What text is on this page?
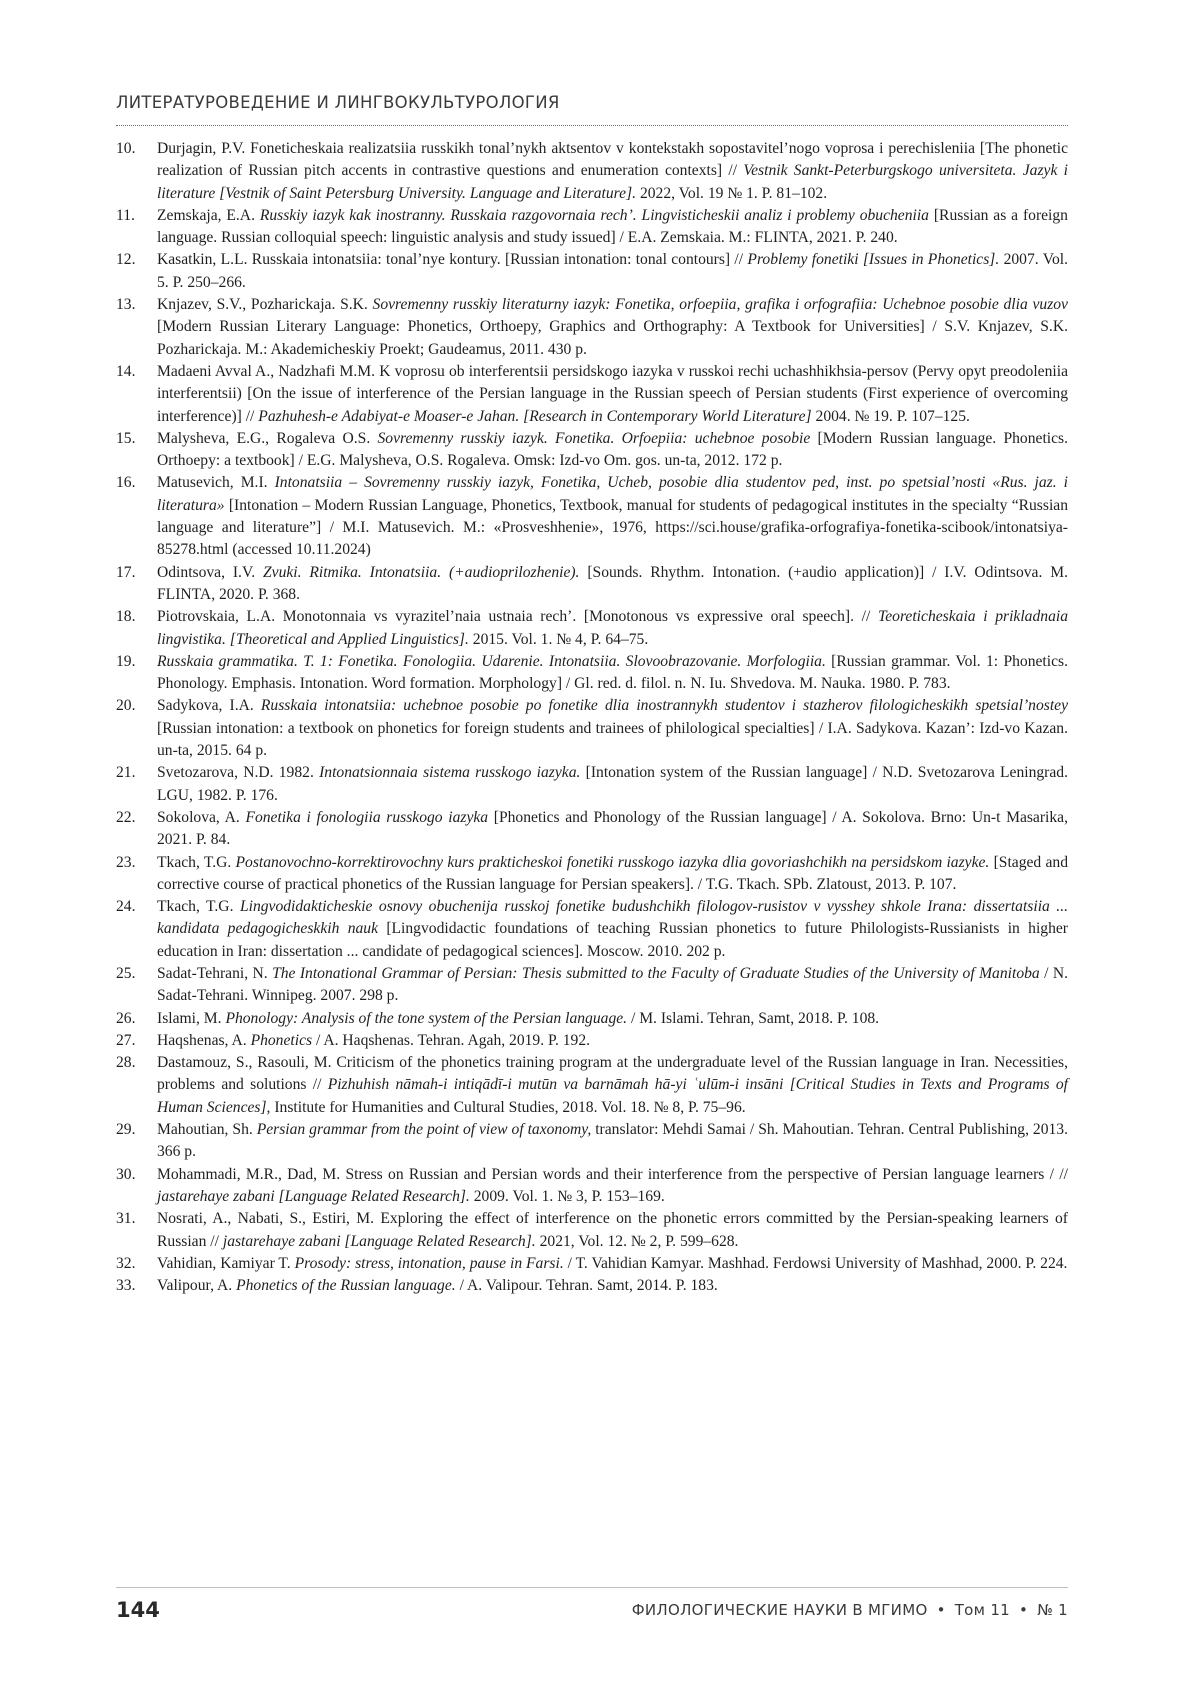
ЛИТЕРАТУРОВЕДЕНИЕ И ЛИНГВОКУЛЬТУРОЛОГИЯ
10.	Durjagin, P.V. Foneticheskaia realizatsiia russkikh tonal’nykh aktsentov v kontekstakh sopostavitel’nogo voprosa i perechisleniia [The phonetic realization of Russian pitch accents in contrastive questions and enumeration contexts] // Vestnik Sankt-Peterburgskogo universiteta. Jazyk i literature [Vestnik of Saint Petersburg University. Language and Literature]. 2022, Vol. 19 № 1. P. 81–102.
11.	Zemskaja, E.A. Russkiy iazyk kak inostranny. Russkaia razgovornaia rech’. Lingvisticheskii analiz i problemy obucheniia [Russian as a foreign language. Russian colloquial speech: linguistic analysis and study issued] / E.A. Zemskaia. M.: FLINTA, 2021. P. 240.
12.	Kasatkin, L.L. Russkaia intonatsiia: tonal’nye kontury. [Russian intonation: tonal contours] // Problemy fonetiki [Issues in Phonetics]. 2007. Vol. 5. P. 250–266.
13.	Knjazev, S.V., Pozharickaja. S.K. Sovremenny russkiy literaturny iazyk: Fonetika, orfoepiia, grafika i orfografiia: Uchebnoe posobie dlia vuzov [Modern Russian Literary Language: Phonetics, Orthoepy, Graphics and Orthography: A Textbook for Universities] / S.V. Knjazev, S.K. Pozharickaja. M.: Akademicheskiy Proekt; Gaudeamus, 2011. 430 p.
14.	Madaeni Avval A., Nadzhafi M.M. K voprosu ob interferentsii persidskogo iazyka v russkoi rechi uchashhikhsia-persov (Pervy opyt preodoleniia interferentsii) [On the issue of interference of the Persian language in the Russian speech of Persian students (First experience of overcoming interference)] // Pazhuhesh-e Adabiyat-e Moaser-e Jahan. [Research in Contemporary World Literature] 2004. № 19. P. 107–125.
15.	Malysheva, E.G., Rogaleva O.S. Sovremenny russkiy iazyk. Fonetika. Orfoepiia: uchebnoe posobie [Modern Russian language. Phonetics. Orthoepy: a textbook] / E.G. Malysheva, O.S. Rogaleva. Omsk: Izd-vo Om. gos. un-ta, 2012. 172 p.
16.	Matusevich, M.I. Intonatsiia – Sovremenny russkiy iazyk, Fonetika, Ucheb, posobie dlia studentov ped, inst. po spetsial’nosti «Rus. jaz. i literatura» [Intonation – Modern Russian Language, Phonetics, Textbook, manual for students of pedagogical institutes in the specialty “Russian language and literature”] / M.I. Matusevich. M.: «Prosveshhenie», 1976, https://sci.house/grafika-orfografiya-fonetika-scibook/intonatsiya-85278.html (accessed 10.11.2024)
17.	Odintsova, I.V. Zvuki. Ritmika. Intonatsiia. (+audioprilozhenie). [Sounds. Rhythm. Intonation. (+audio application)] / I.V. Odintsova. M. FLINTA, 2020. P. 368.
18.	Piotrovskaia, L.A. Monotonnaia vs vyrazitel’naia ustnaia rech’. [Monotonous vs expressive oral speech]. // Teoreticheskaia i prikladnaia lingvistika. [Theoretical and Applied Linguistics]. 2015. Vol. 1. № 4, P. 64–75.
19.	Russkaia grammatika. T. 1: Fonetika. Fonologiia. Udarenie. Intonatsiia. Slovoobrazovanie. Morfologiia. [Russian grammar. Vol. 1: Phonetics. Phonology. Emphasis. Intonation. Word formation. Morphology] / Gl. red. d. filol. n. N. Iu. Shvedova. M. Nauka. 1980. P. 783.
20.	Sadykova, I.A. Russkaia intonatsiia: uchebnoe posobie po fonetike dlia inostrannykh studentov i stazherov filologicheskikh spetsial’nostey [Russian intonation: a textbook on phonetics for foreign students and trainees of philological specialties] / I.A. Sadykova. Kazan’: Izd-vo Kazan. un-ta, 2015. 64 p.
21.	Svetozarova, N.D. 1982. Intonatsionnaia sistema russkogo iazyka. [Intonation system of the Russian language] / N.D. Svetozarova Leningrad. LGU, 1982. P. 176.
22.	Sokolova, A. Fonetika i fonologiia russkogo iazyka [Phonetics and Phonology of the Russian language] / A. Sokolova. Brno: Un-t Masarika, 2021. P. 84.
23.	Tkach, T.G. Postanovochno-korrektirovochny kurs prakticheskoi fonetiki russkogo iazyka dlia govoriashchikh na persidskom iazyke. [Staged and corrective course of practical phonetics of the Russian language for Persian speakers]. / T.G. Tkach. SPb. Zlatoust, 2013. P. 107.
24.	Tkach, T.G. Lingvodidakticheskie osnovy obuchenija russkoj fonetike budushchikh filologov-rusistov v vysshey shkole Irana: dissertatsiia ... kandidata pedagogicheskkih nauk [Lingvodidactic foundations of teaching Russian phonetics to future Philologists-Russianists in higher education in Iran: dissertation ... candidate of pedagogical sciences]. Moscow. 2010. 202 p.
25.	Sadat-Tehrani, N. The Intonational Grammar of Persian: Thesis submitted to the Faculty of Graduate Studies of the University of Manitoba / N. Sadat-Tehrani. Winnipeg. 2007. 298 p.
26.	Islami, M. Phonology: Analysis of the tone system of the Persian language. / M. Islami. Tehran, Samt, 2018. P. 108.
27.	Haqshenas, A. Phonetics / A. Haqshenas. Tehran. Agah, 2019. P. 192.
28.	Dastamouz, S., Rasouli, M. Criticism of the phonetics training program at the undergraduate level of the Russian language in Iran. Necessities, problems and solutions // Pizhuhish nāmah-i intiqādī-i mutūn va barnāmah hā-yi ʿulūm-i insāni [Critical Studies in Texts and Programs of Human Sciences], Institute for Humanities and Cultural Studies, 2018. Vol. 18. № 8, P. 75–96.
29.	Mahoutian, Sh. Persian grammar from the point of view of taxonomy, translator: Mehdi Samai / Sh. Mahoutian. Tehran. Central Publishing, 2013. 366 p.
30.	Mohammadi, M.R., Dad, M. Stress on Russian and Persian words and their interference from the perspective of Persian language learners / // jastarehaye zabani [Language Related Research]. 2009. Vol. 1. № 3, P. 153–169.
31.	Nosrati, A., Nabati, S., Estiri, M. Exploring the effect of interference on the phonetic errors committed by the Persian-speaking learners of Russian // jastarehaye zabani [Language Related Research]. 2021, Vol. 12. № 2, P. 599–628.
32.	Vahidian, Kamiyar T. Prosody: stress, intonation, pause in Farsi. / T. Vahidian Kamyar. Mashhad. Ferdowsi University of Mashhad, 2000. P. 224.
33.	Valipour, A. Phonetics of the Russian language. / A. Valipour. Tehran. Samt, 2014. P. 183.
144	ФИЛОЛОГИЧЕСКИЕ НАУКИ В МГИМО • Том 11 • № 1
